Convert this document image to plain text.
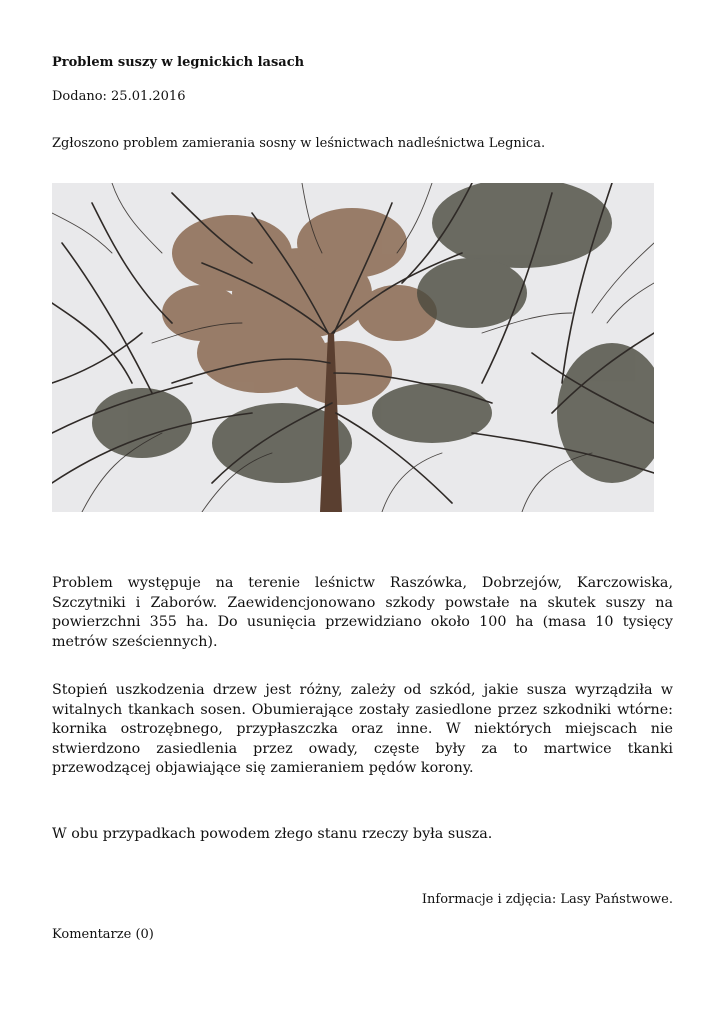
Problem suszy w legnickich lasach
Dodano: 25.01.2016
Zgłoszono problem zamierania sosny w leśnictwach nadleśnictwa Legnica.
Problem występuje na terenie leśnictw Raszówka, Dobrzejów, Karczowiska, Szczytniki i Zaborów. Zaewidencjonowano szkody powstałe na skutek suszy na powierzchni 355 ha. Do usunięcia przewidziano około 100 ha (masa 10 tysięcy metrów sześciennych).
Stopień uszkodzenia drzew jest różny, zależy od szkód, jakie susza wyrządziła w witalnych tkankach sosen. Obumierające zostały zasiedlone przez szkodniki wtórne: kornika ostrozębnego, przypłaszczka oraz inne. W niektórych miejscach nie stwierdzono zasiedlenia przez owady, częste były za to martwice tkanki przewodzącej objawiające się zamieraniem pędów korony.
W obu przypadkach powodem złego stanu rzeczy była susza.
Informacje i zdjęcia: Lasy Państwowe.
Komentarze (0)
